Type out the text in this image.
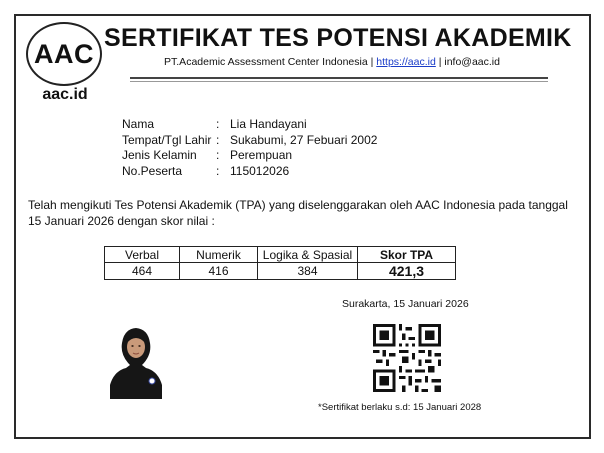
AAC
aac.id
SERTIFIKAT TES POTENSI AKADEMIK
PT.Academic Assessment Center Indonesia | https://aac.id | info@aac.id
Nama	: Lia Handayani
Tempat/Tgl Lahir : Sukabumi, 27 Febuari 2002
Jenis Kelamin	: Perempuan
No.Peserta	: 115012026
Telah mengikuti Tes Potensi Akademik (TPA) yang diselenggarakan oleh AAC Indonesia pada tanggal 15 Januari 2026 dengan skor nilai :
Verbal	Numerik	Logika & Spasial	Skor TPA
464	416	384	421,3
Surakarta, 15 Januari 2026
*Sertifikat berlaku s.d: 15 Januari 2028
